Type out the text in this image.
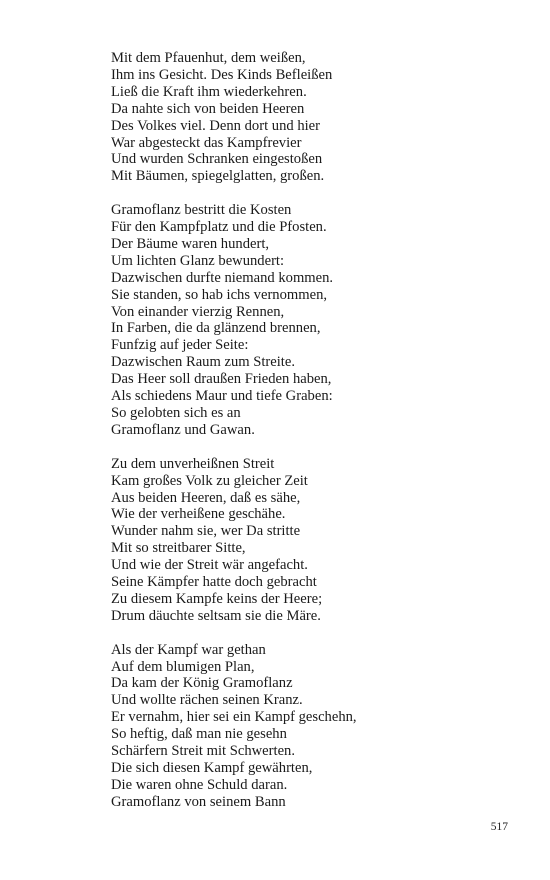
Mit dem Pfauenhut, dem weißen,
Ihm ins Gesicht. Des Kinds Befleißen
Ließ die Kraft ihm wiederkehren.
Da nahte sich von beiden Heeren
Des Volkes viel. Denn dort und hier
War abgesteckt das Kampfrevier
Und wurden Schranken eingestoßen
Mit Bäumen, spiegelglatten, großen.
Gramoflanz bestritt die Kosten
Für den Kampfplatz und die Pfosten.
Der Bäume waren hundert,
Um lichten Glanz bewundert:
Dazwischen durfte niemand kommen.
Sie standen, so hab ichs vernommen,
Von einander vierzig Rennen,
In Farben, die da glänzend brennen,
Funfzig auf jeder Seite:
Dazwischen Raum zum Streite.
Das Heer soll draußen Frieden haben,
Als schiedens Maur und tiefe Graben:
So gelobten sich es an
Gramoflanz und Gawan.
Zu dem unverheißnen Streit
Kam großes Volk zu gleicher Zeit
Aus beiden Heeren, daß es sähe,
Wie der verheißene geschähe.
Wunder nahm sie, wer Da stritte
Mit so streitbarer Sitte,
Und wie der Streit wär angefacht.
Seine Kämpfer hatte doch gebracht
Zu diesem Kampfe keins der Heere;
Drum däuchte seltsam sie die Märe.
Als der Kampf war gethan
Auf dem blumigen Plan,
Da kam der König Gramoflanz
Und wollte rächen seinen Kranz.
Er vernahm, hier sei ein Kampf geschehn,
So heftig, daß man nie gesehn
Schärfern Streit mit Schwerten.
Die sich diesen Kampf gewährten,
Die waren ohne Schuld daran.
Gramoflanz von seinem Bann
517
